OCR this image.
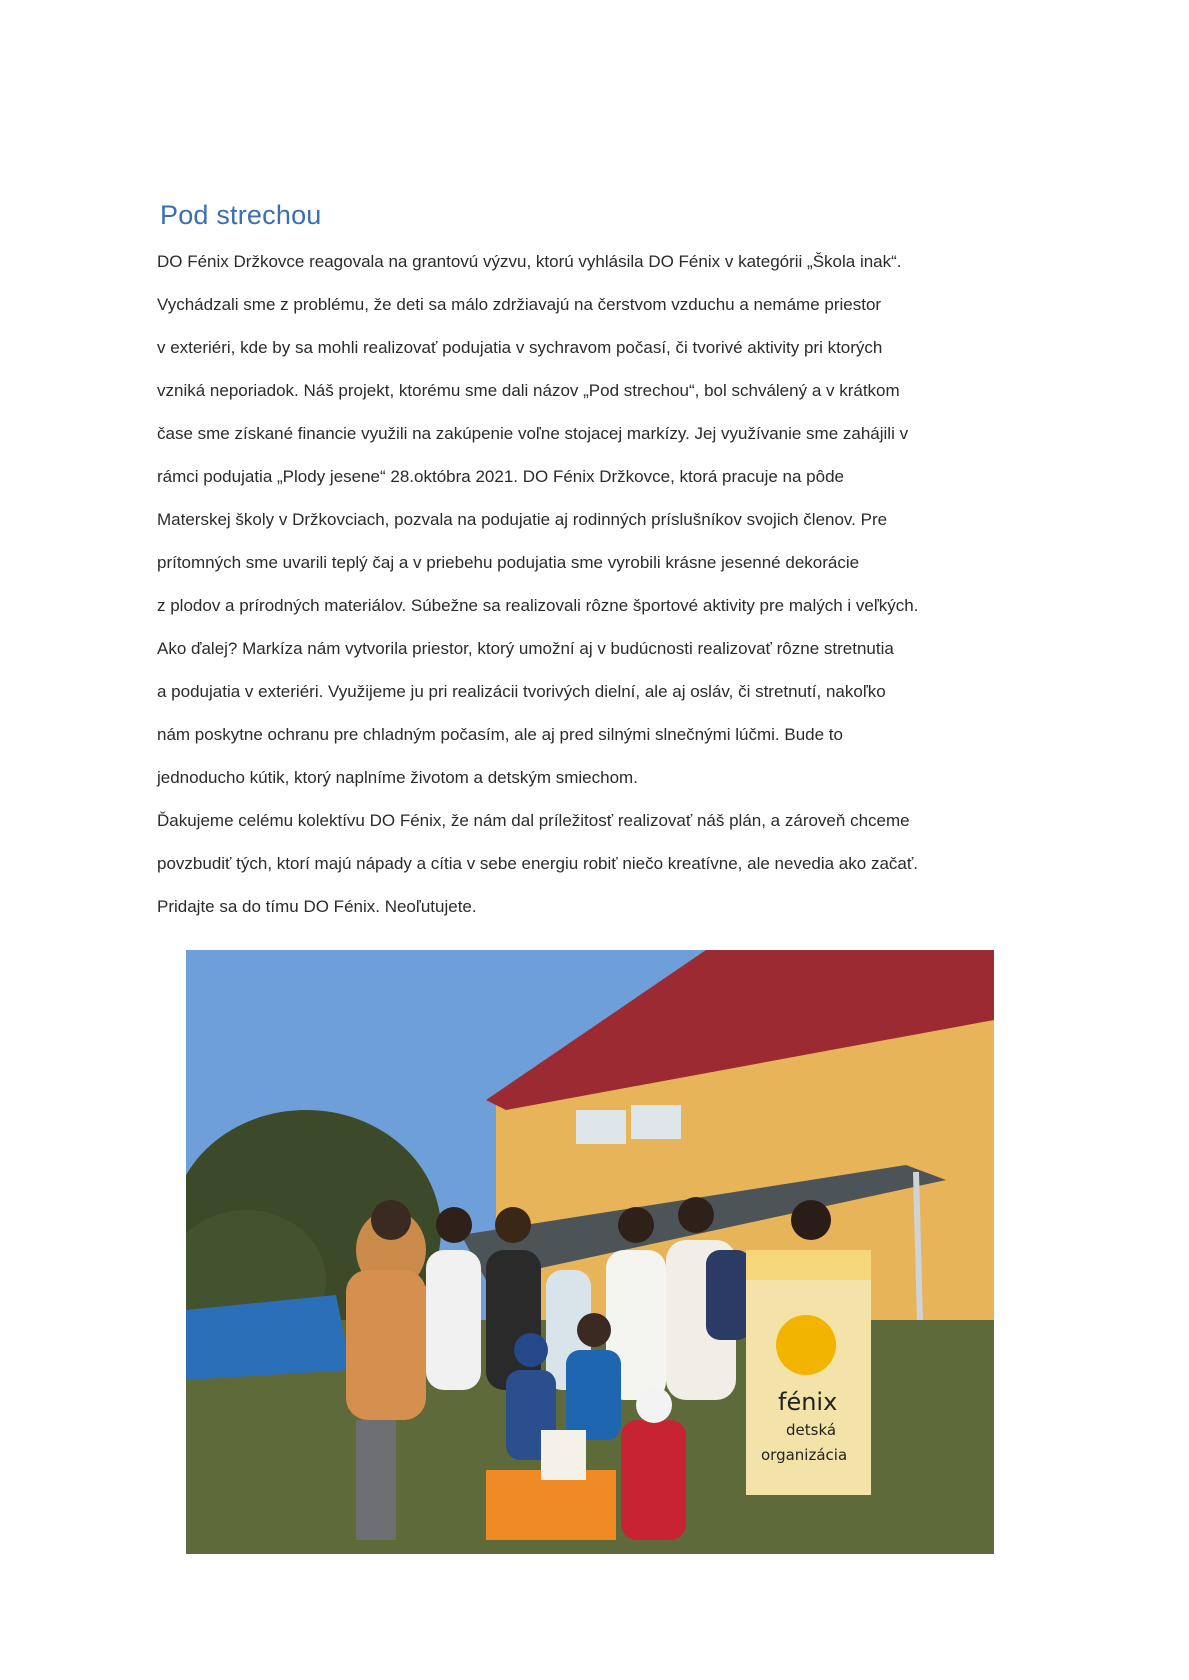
Pod strechou
DO Fénix Držkovce reagovala na grantovú výzvu, ktorú vyhlásila DO Fénix v kategórii „Škola inak“.
Vychádzali sme z problému, že deti sa málo zdržiavajú na čerstvom vzduchu a nemáme priestor
v exteriéri, kde by sa mohli realizovať podujatia v sychravom počasí, či tvorivé aktivity pri ktorých
vzniká neporiadok. Náš projekt, ktorému sme dali názov „Pod strechou“, bol schválený a v krátkom
čase sme získané financie využili na zakúpenie voľne stojacej markízy. Jej využívanie sme zahájili v
rámci podujatia „Plody jesene“ 28.októbra 2021. DO Fénix Držkovce, ktorá pracuje na pôde
Materskej školy v Držkovciach, pozvala na podujatie aj rodinných príslušníkov svojich členov. Pre
prítomných sme uvarili teplý čaj a v priebehu podujatia sme vyrobili krásne jesenné dekorácie
z plodov a prírodných materiálov. Súbežne sa realizovali rôzne športové aktivity pre malých i veľkých.
Ako ďalej? Markíza nám vytvorila priestor, ktorý umožní aj v budúcnosti realizovať rôzne stretnutia
a podujatia v exteriéri. Využijeme ju pri realizácii tvorivých dielní, ale aj osláv, či stretnutí, nakoľko
nám poskytne ochranu pre chladným počasím, ale aj pred silnými slnečnými lúčmi. Bude to
jednoducho kútik, ktorý naplníme životom a detským smiechom.
Ďakujeme celému kolektívu DO Fénix, že nám dal príležitosť realizovať náš plán, a zároveň chceme
povzbudiť tých, ktorí majú nápady a cítia v sebe energiu robiť niečo kreatívne, ale nevedia ako začať.
Pridajte sa do tímu DO Fénix. Neoľutujete.
fénix
detská
organizácia
